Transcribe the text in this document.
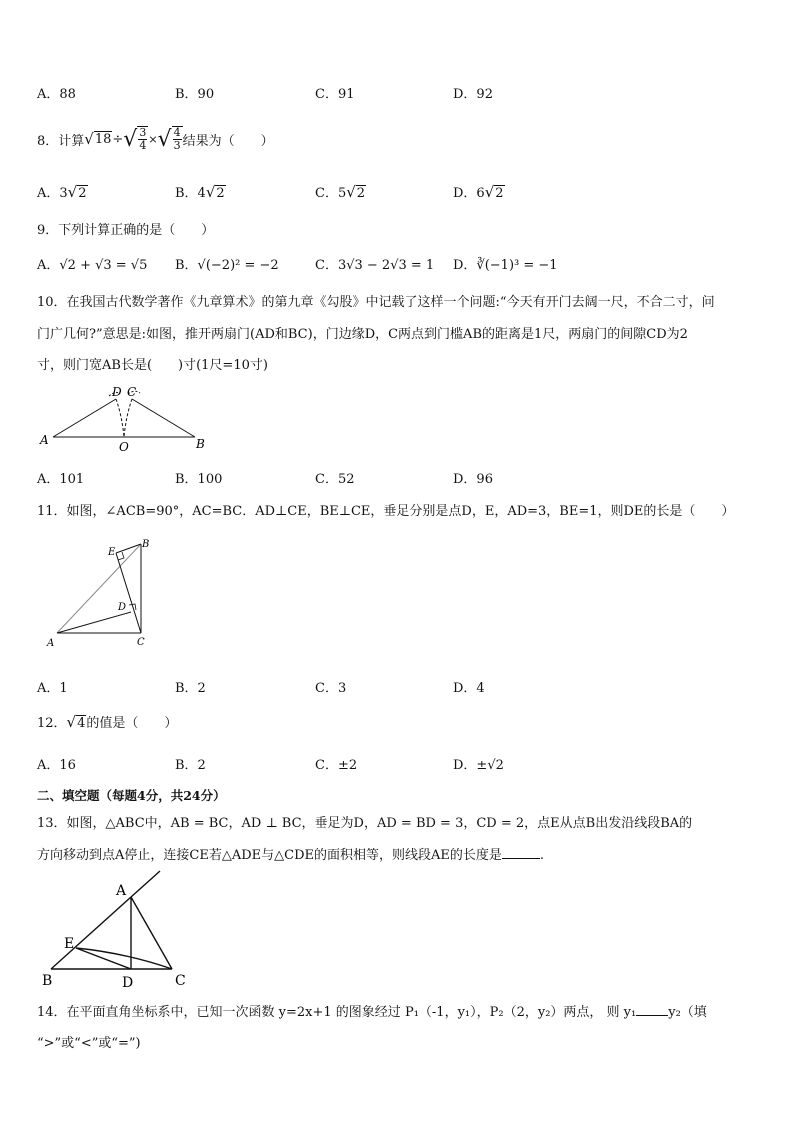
A．88	B．90	C．91	D．92
8．计算 √ 18 ÷ √ $\frac{3}{4}$ × √ $\frac{4}{3}$ 结果为（　　）
A．3√2	B．4√2	C．5√2	D．6√2
9．下列计算正确的是（　　）
A．√2 + √3 = √5 B．√(−2)² = −2	C．3√3 − 2√3 = 1 D．∛(−1)³ = −1
10．在我国古代数学著作《九章算术》的第九章《勾股》中记载了这样一个问题:“今天有开门去阔一尺，不合二寸，问
门广几何?”意思是:如图，推开两扇门(AD和BC)，门边缘D，C两点到门槛AB的距离是1尺，两扇门的间隙CD为2
寸，则门宽AB长是(　　)寸(1尺=10寸)
A	B
D C
O
A．101	B．100	C．52	D．96
11．如图，∠ACB=90°，AC=BC．AD⊥CE，BE⊥CE，垂足分别是点D，E，AD=3，BE=1，则DE的长是（　　）
A
B
C
D
E
A．1	B．2	C．3	D．4
12．√4的值是（　　）
A．16	B．2	C．±2	D．±√2
二、填空题（每题4分，共24分）
13．如图，△ABC中，AB = BC，AD ⊥ BC，垂足为D，AD = BD = 3，CD = 2，点E从点B出发沿线段BA的
方向移动到点A停止，连接CE若△ADE与△CDE的面积相等，则线段AE的长度是	.
A
B	C
D
E
14．在平面直角坐标系中，已知一次函数 y=2x+1 的图象经过 P₁（-1，y₁），P₂（2，y₂）两点， 则 y₁ y₂（填
“>”或“<”或“=”)
